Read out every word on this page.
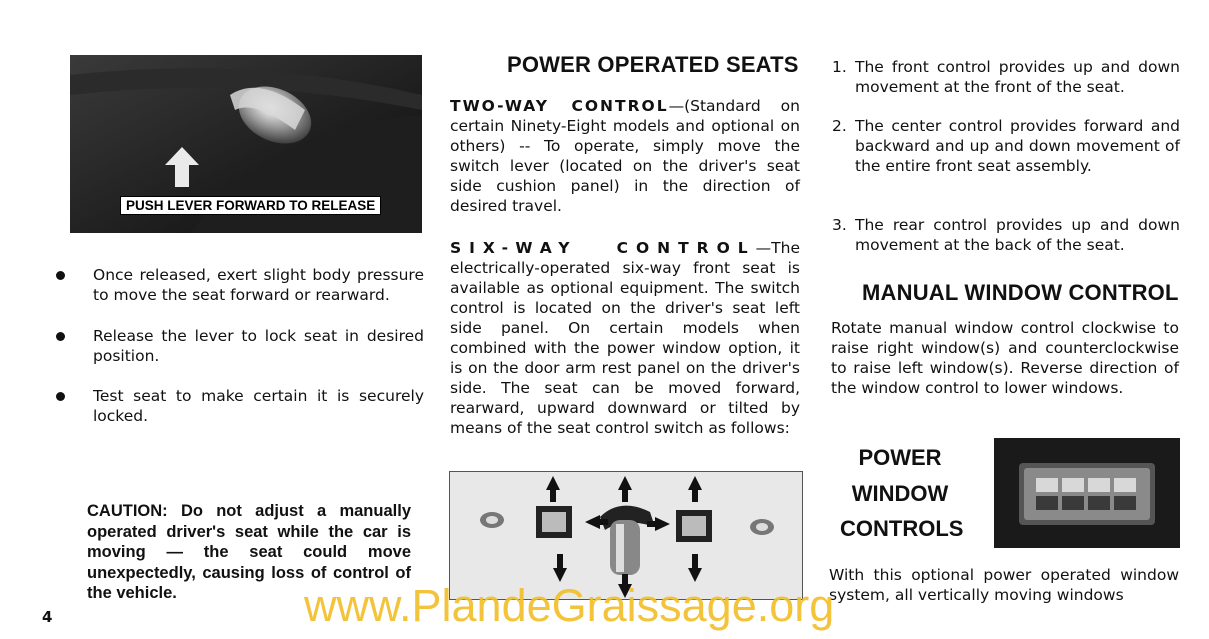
PUSH LEVER FORWARD TO RELEASE
Once released, exert slight body pressure to move the seat forward or rearward.
Release the lever to lock seat in desired position.
Test seat to make certain it is securely locked.
CAUTION: Do not adjust a manually operated driver's seat while the car is moving — the seat could move unexpectedly, causing loss of control of the vehicle.
4
POWER OPERATED SEATS

TWO-WAY CONTROL—(Standard on certain Ninety-Eight models and optional on others) -- To operate, simply move the switch lever (located on the driver's seat side cushion panel) in the direction of desired travel.

SIX-WAY CONTROL—The electrically-operated six-way front seat is available as optional equipment. The switch control is located on the driver's seat left side panel. On certain models when combined with the power window option, it is on the door arm rest panel on the driver's side. The seat can be moved forward, rearward, upward downward or tilted by means of the seat control switch as follows:

1. The front control provides up and down movement at the front of the seat.
2. The center control provides forward and backward and up and down movement of the entire front seat assembly.
3. The rear control provides up and down movement at the back of the seat.
MANUAL WINDOW CONTROL

Rotate manual window control clockwise to raise right window(s) and counterclockwise to raise left window(s). Reverse direction of the window control to lower windows.

POWER
WINDOW
CONTROLS

With this optional power operated window system, all vertically moving windows

www.PlandeGraissage.org
